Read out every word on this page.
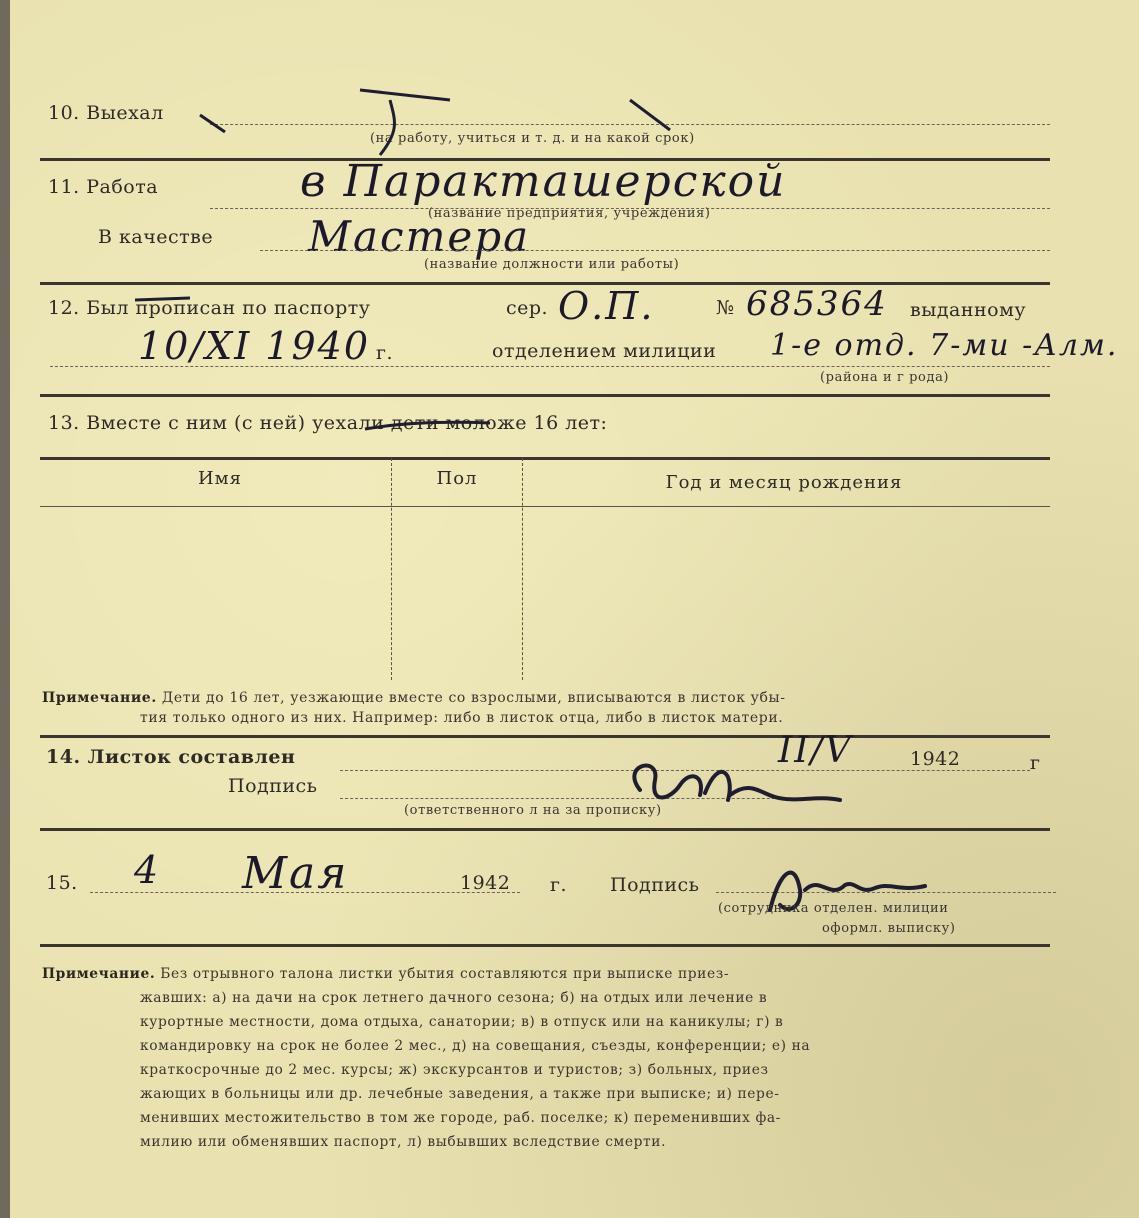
10. Выехал
(на работу, учиться и т. д. и на какой срок)
11. Работа	в Паракташерской
(название предприятия, учреждения)
В качестве Мастера
(название должности или работы)
12. Был прописан по паспорту	сер. О.П.	№ 685364 выданному
10/XI 1940 г.	отделением милиции 1-е отд. 7-ми -Алм.
(района и г рода)
13. Вместе с ним (с ней) уехали дети моложе 16 лет:
Имя	Пол	Год и месяц рождения
Примечание. Дети до 16 лет, уезжающие вместе со взрослыми, вписываются в листок убы-
тия только одного из них. Например: либо в листок отца, либо в листок матери.
14. Листок составлен	II/V	1942	г
Подпись
(ответственного л на за прописку)
15. 4 Мая	1942 г. Подпись
(сотрудника отделен. милиции
оформл. выписку)
Примечание. Без отрывного талона листки убытия составляются при выписке приез-
жавших: а) на дачи на срок летнего дачного сезона; б) на отдых или лечение в
курортные местности, дома отдыха, санатории; в) в отпуск или на каникулы; г) в
командировку на срок не более 2 мес., д) на совещания, съезды, конференции; е) на
краткосрочные до 2 мес. курсы; ж) экскурсантов и туристов; з) больных, приез
жающих в больницы или др. лечебные заведения, а также при выписке; и) пере-
менивших местожительство в том же городе, раб. поселке; к) переменивших фа-
милию или обменявших паспорт, л) выбывших вследствие смерти.
